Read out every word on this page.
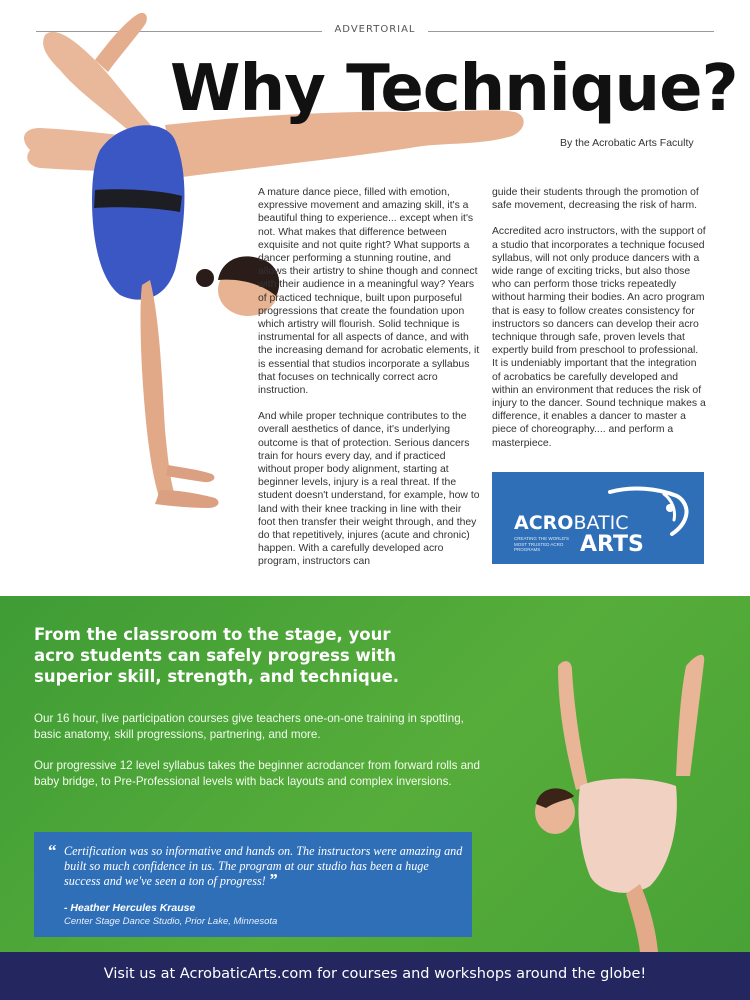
ADVERTORIAL
Why Technique?
By the Acrobatic Arts Faculty

A mature dance piece, filled with emotion, expressive movement and amazing skill, it's a beautiful thing to experience... except when it's not. What makes that difference between exquisite and not quite right? What supports a dancer performing a stunning routine, and allows their artistry to shine though and connect with their audience in a meaningful way? Years of practiced technique, built upon purposeful progressions that create the foundation upon which artistry will flourish. Solid technique is instrumental for all aspects of dance, and with the increasing demand for acrobatic elements, it is essential that studios incorporate a syllabus that focuses on technically correct acro instruction.

And while proper technique contributes to the overall aesthetics of dance, it's underlying outcome is that of protection. Serious dancers train for hours every day, and if practiced without proper body alignment, starting at beginner levels, injury is a real threat. If the student doesn't understand, for example, how to land with their knee tracking in line with their foot then transfer their weight through, and they do that repetitively, injures (acute and chronic) happen. With a carefully developed acro program, instructors can

guide their students through the promotion of safe movement, decreasing the risk of harm.

Accredited acro instructors, with the support of a studio that incorporates a technique focused syllabus, will not only produce dancers with a wide range of exciting tricks, but also those who can perform those tricks repeatedly without harming their bodies. An acro program that is easy to follow creates consistency for instructors so dancers can develop their acro technique through safe, proven levels that expertly build from preschool to professional. It is undeniably important that the integration of acrobatics be carefully developed and within an environment that reduces the risk of injury to the dancer. Sound technique makes a difference, it enables a dancer to master a piece of choreography.... and perform a masterpiece.

ACROBATIC
CREATING THE WORLD'S MOST TRUSTED ACRO PROGRAMS	ARTS
From the classroom to the stage, your acro students can safely progress with superior skill, strength, and technique.
Our 16 hour, live participation courses give teachers one-on-one training in spotting, basic anatomy, skill progressions, partnering, and more.
Our progressive 12 level syllabus takes the beginner acrodancer from forward rolls and baby bridge, to Pre-Professional levels with back layouts and complex inversions.
“ Certification was so informative and hands on. The instructors were amazing and built so much confidence in us. The program at our studio has been a huge success and we've seen a ton of progress! ”
- Heather Hercules Krause
Center Stage Dance Studio, Prior Lake, Minnesota
Visit us at AcrobaticArts.com for courses and workshops around the globe!
